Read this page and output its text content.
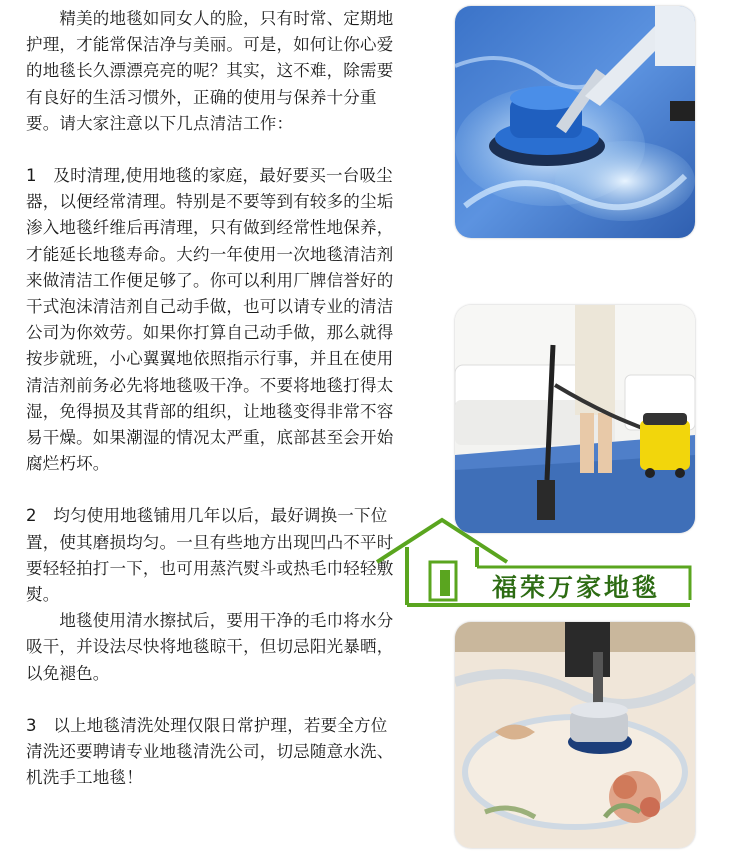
　　精美的地毯如同女人的脸，只有时常、定期地护理，才能常保洁净与美丽。可是，如何让你心爱的地毯长久漂漂亮亮的呢？其实，这不难，除需要有良好的生活习惯外，正确的使用与保养十分重要。请大家注意以下几点清洁工作：

1　及时清理,使用地毯的家庭，最好要买一台吸尘器，以便经常清理。特别是不要等到有较多的尘垢渗入地毯纤维后再清理，只有做到经常性地保养，才能延长地毯寿命。大约一年使用一次地毯清洁剂来做清洁工作便足够了。你可以利用厂牌信誉好的干式泡沫清洁剂自己动手做，也可以请专业的清洁公司为你效劳。如果你打算自己动手做，那么就得按步就班，小心翼翼地依照指示行事，并且在使用清洁剂前务必先将地毯吸干净。不要将地毯打得太湿，免得损及其背部的组织，让地毯变得非常不容易干燥。如果潮湿的情况太严重，底部甚至会开始腐烂朽坏。

2　均匀使用地毯铺用几年以后，最好调换一下位置，使其磨损均匀。一旦有些地方出现凹凸不平时要轻轻拍打一下，也可用蒸汽熨斗或热毛巾轻轻敷熨。

　　地毯使用清水擦拭后，要用干净的毛巾将水分吸干，并设法尽快将地毯晾干，但切忌阳光暴晒，以免褪色。

3　以上地毯清洗处理仅限日常护理，若要全方位清洗还要聘请专业地毯清洗公司，切忌随意水洗、机洗手工地毯！

福荣万家地毯
